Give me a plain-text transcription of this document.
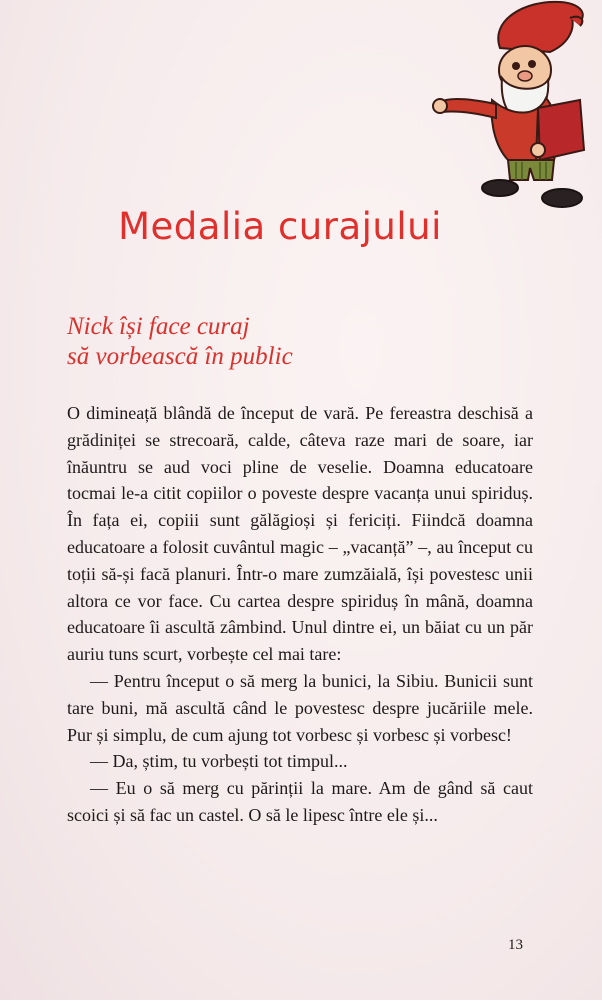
Medalia curajului
Nick își face curaj
să vorbească în public

O dimineață blândă de început de vară. Pe fereastra deschisă a grădiniței se strecoară, calde, câteva raze mari de soare, iar înăuntru se aud voci pline de veselie. Doamna educatoare tocmai le-a citit copiilor o poveste despre vacanța unui spiriduș. În fața ei, copiii sunt gălăgioși și fericiți. Fiindcă doamna educatoare a folosit cuvântul magic – „vacanță” –, au început cu toții să-și facă planuri. Într-o mare zumzăială, își povestesc unii altora ce vor face. Cu cartea despre spiriduș în mână, doamna educatoare îi ascultă zâmbind. Unul dintre ei, un băiat cu un păr auriu tuns scurt, vorbește cel mai tare:

— Pentru început o să merg la bunici, la Sibiu. Bunicii sunt tare buni, mă ascultă când le povestesc despre jucăriile mele. Pur și simplu, de cum ajung tot vorbesc și vorbesc și vorbesc!

— Da, știm, tu vorbești tot timpul...

— Eu o să merg cu părinții la mare. Am de gând să caut scoici și să fac un castel. O să le lipesc între ele și...

13
